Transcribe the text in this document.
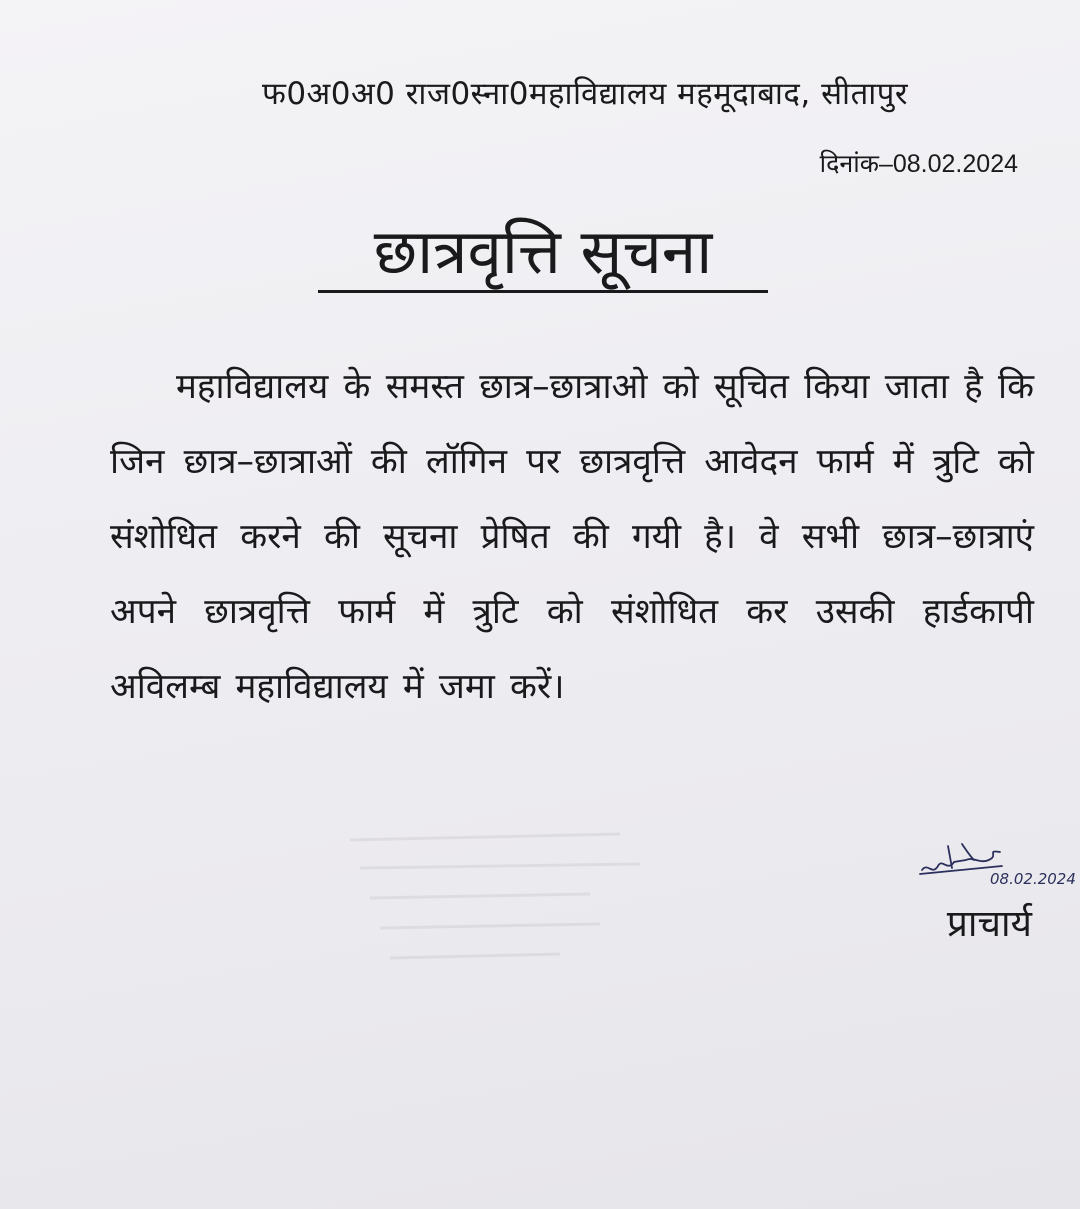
फ0अ0अ0 राज0स्ना0महाविद्यालय महमूदाबाद, सीतापुर
दिनांक–08.02.2024
छात्रवृत्ति सूचना
महाविद्यालय के समस्त छात्र–छात्राओ को सूचित किया जाता है कि जिन छात्र–छात्राओं की लॉगिन पर छात्रवृत्ति आवेदन फार्म में त्रुटि को संशोधित करने की सूचना प्रेषित की गयी है। वे सभी छात्र–छात्राएं अपने छात्रवृत्ति फार्म में त्रुटि को संशोधित कर उसकी हार्डकापी अविलम्ब महाविद्यालय में जमा करें।
08.02.2024
प्राचार्य
